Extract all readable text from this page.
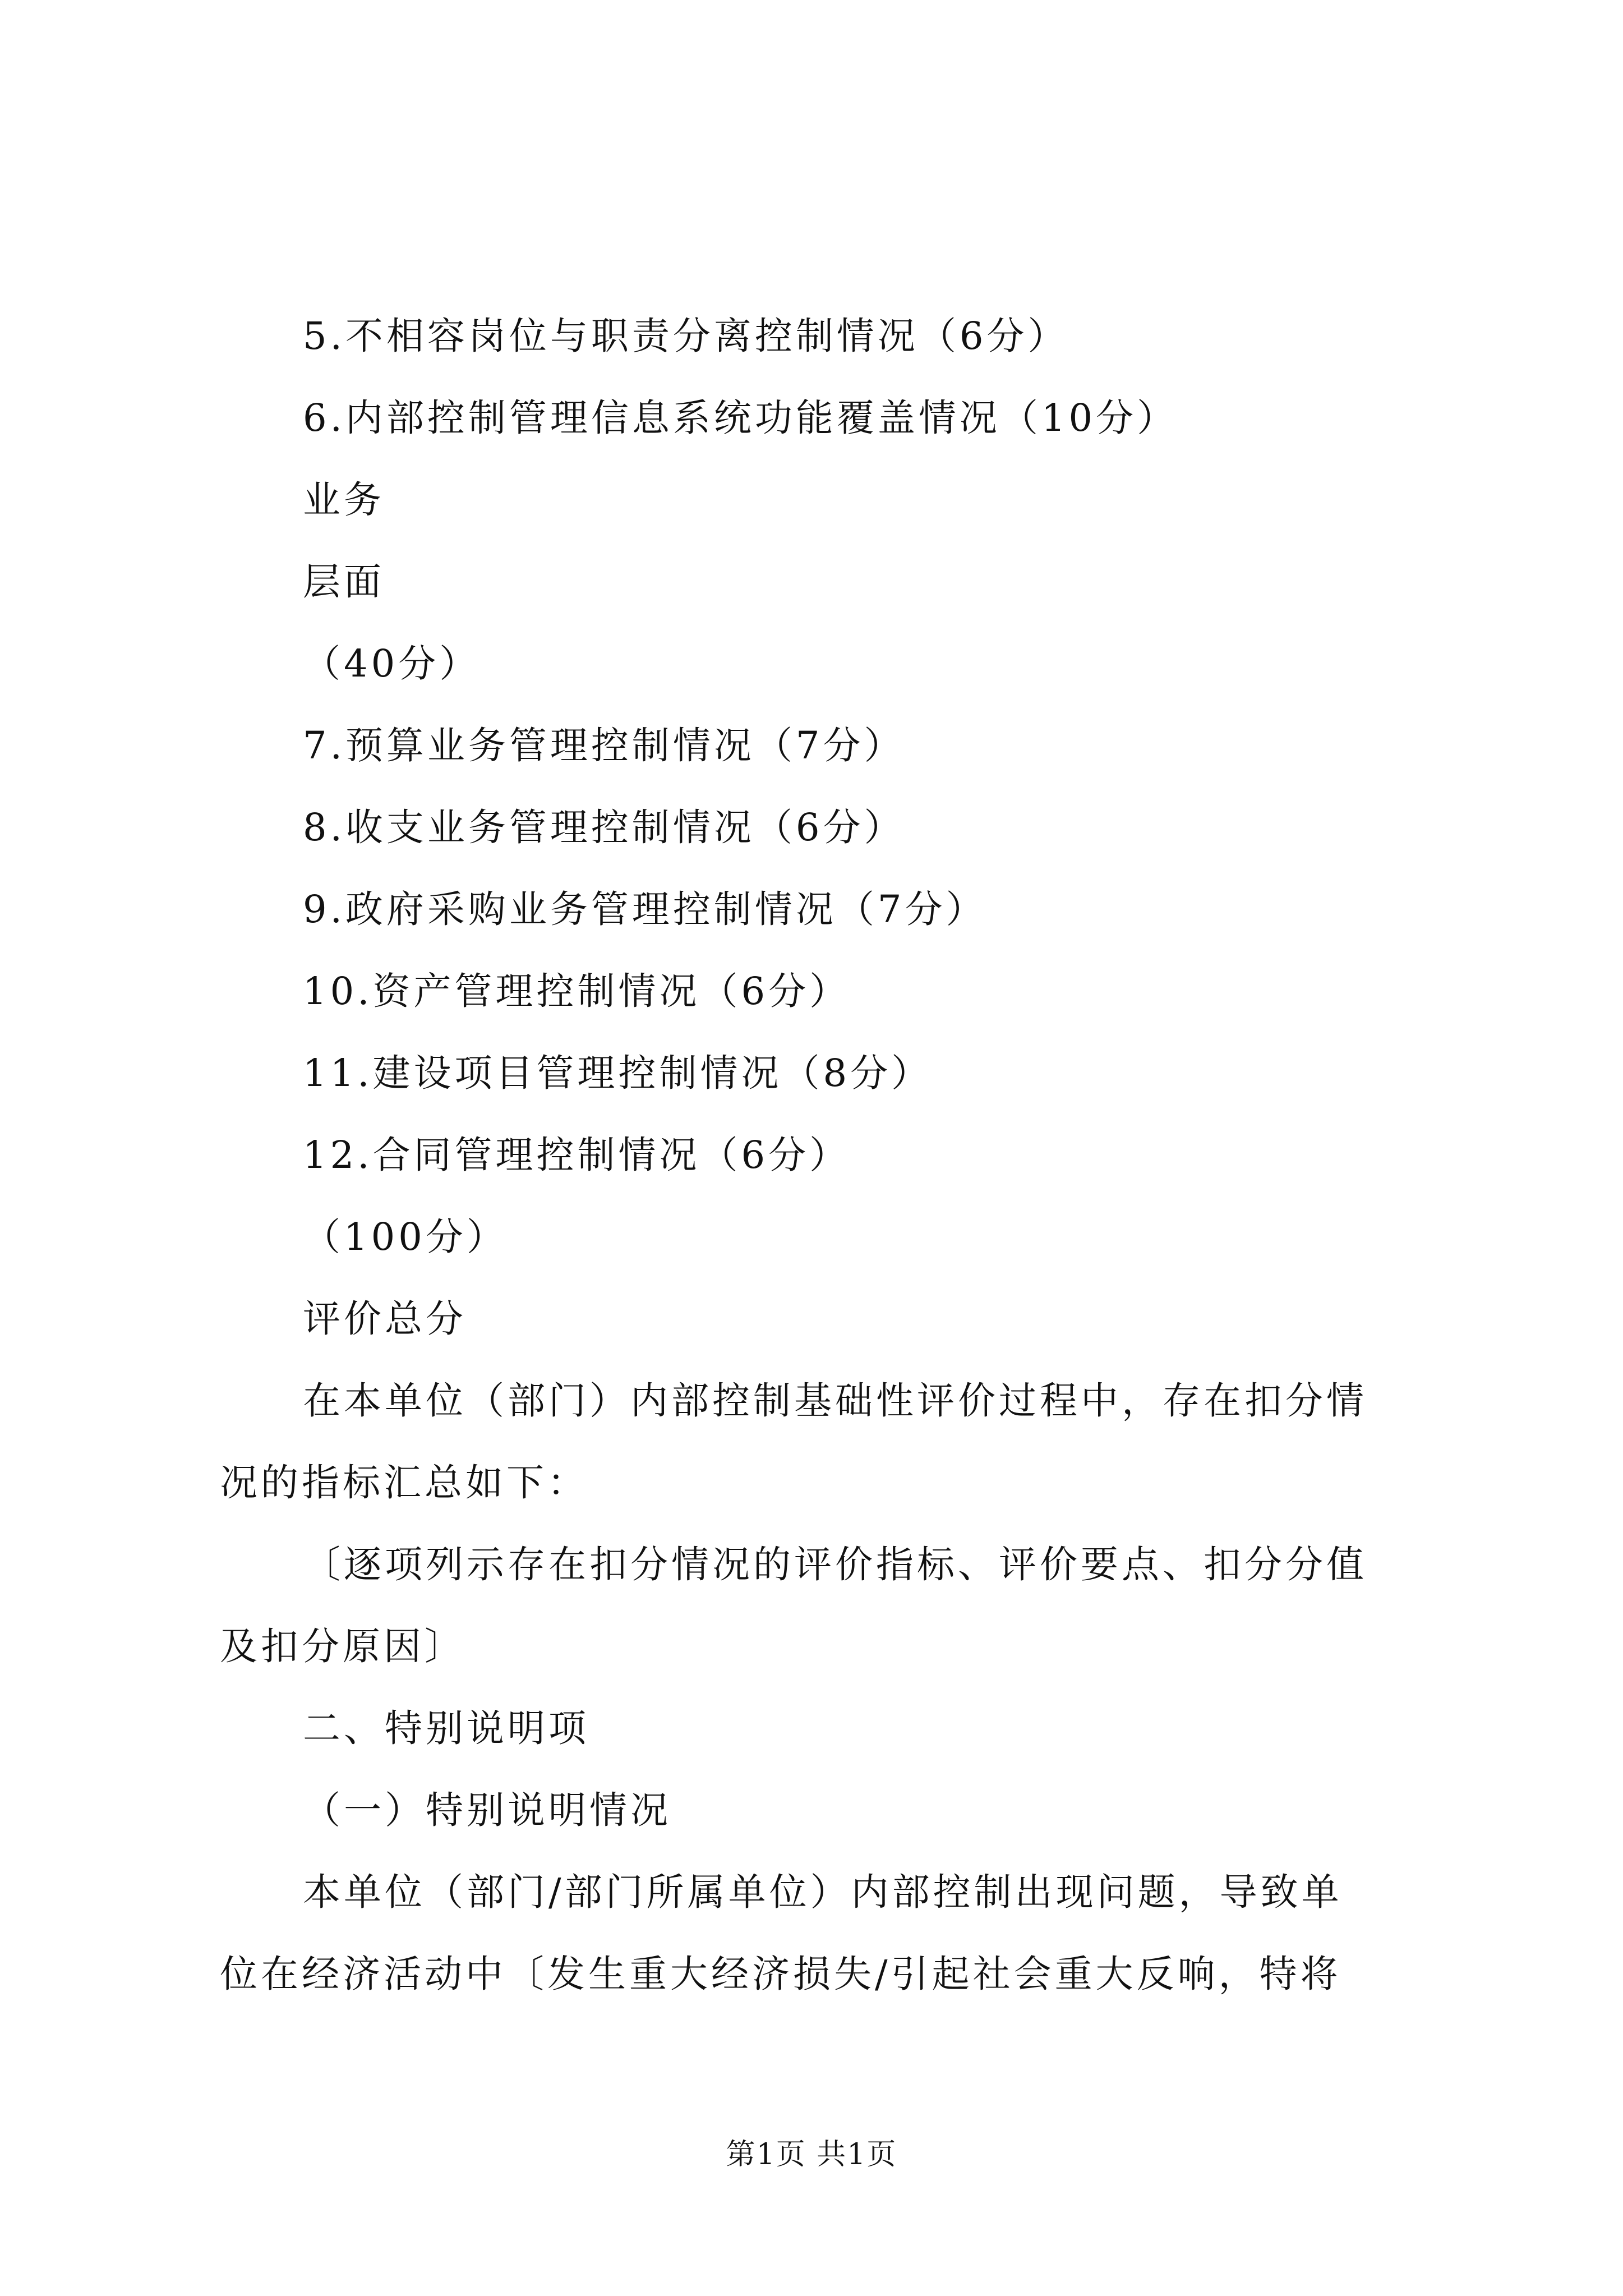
5.不相容岗位与职责分离控制情况（6分）
6.内部控制管理信息系统功能覆盖情况（10分）
业务
层面
（40分）
7.预算业务管理控制情况（7分）
8.收支业务管理控制情况（6分）
9.政府采购业务管理控制情况（7分）
10.资产管理控制情况（6分）
11.建设项目管理控制情况（8分）
12.合同管理控制情况（6分）
（100分）
评价总分
在本单位（部门）内部控制基础性评价过程中，存在扣分情
况的指标汇总如下：
〔逐项列示存在扣分情况的评价指标、评价要点、扣分分值
及扣分原因〕
二、特别说明项
（一）特别说明情况
本单位（部门/部门所属单位）内部控制出现问题，导致单
位在经济活动中〔发生重大经济损失/引起社会重大反响，特将
第1页 共1页
